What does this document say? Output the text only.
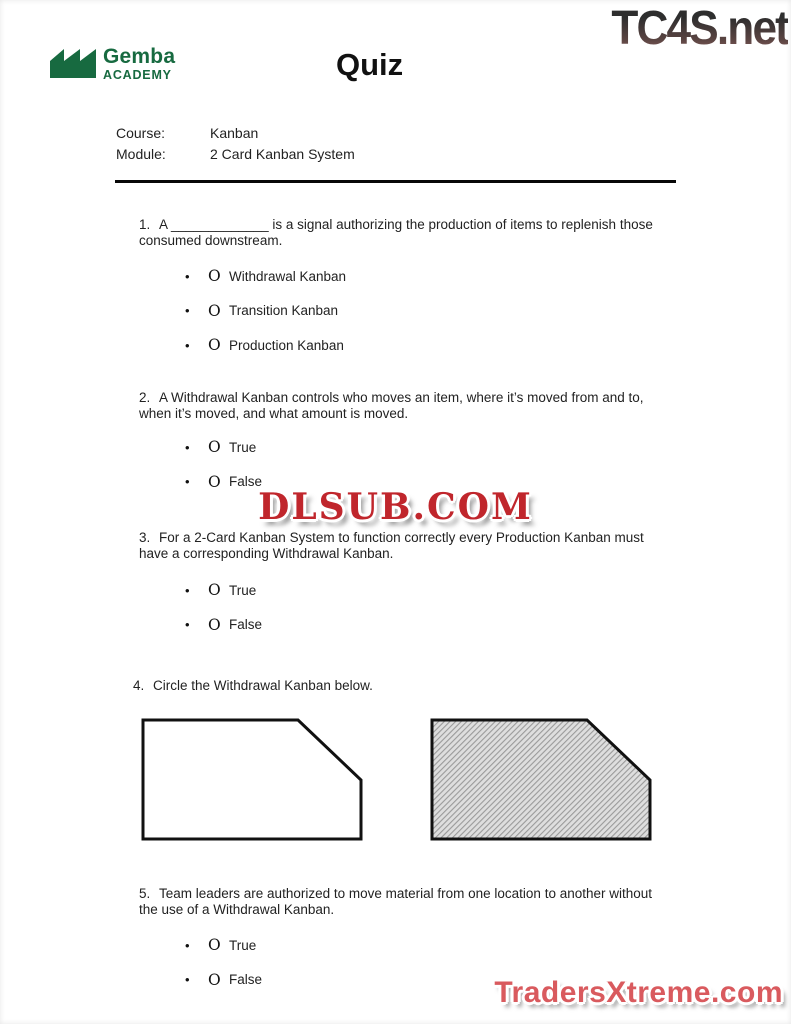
TC4S.net
Gemba
ACADEMY	Quiz
Course:	Kanban
Module:	2 Card Kanban System

1. A _____________ is a signal authorizing the production of items to replenish those consumed downstream.

•	O Withdrawal Kanban
•	O Transition Kanban
•	O Production Kanban

2. A Withdrawal Kanban controls who moves an item, where it’s moved from and to, when it’s moved, and what amount is moved.

•	O True
•	O False
DLSUB.COM

3. For a 2-Card Kanban System to function correctly every Production Kanban must have a corresponding Withdrawal Kanban.

•	O True
•	O False

4. Circle the Withdrawal Kanban below.

5. Team leaders are authorized to move material from one location to another without the use of a Withdrawal Kanban.

•	O True
•	O False	TradersXtreme.com
